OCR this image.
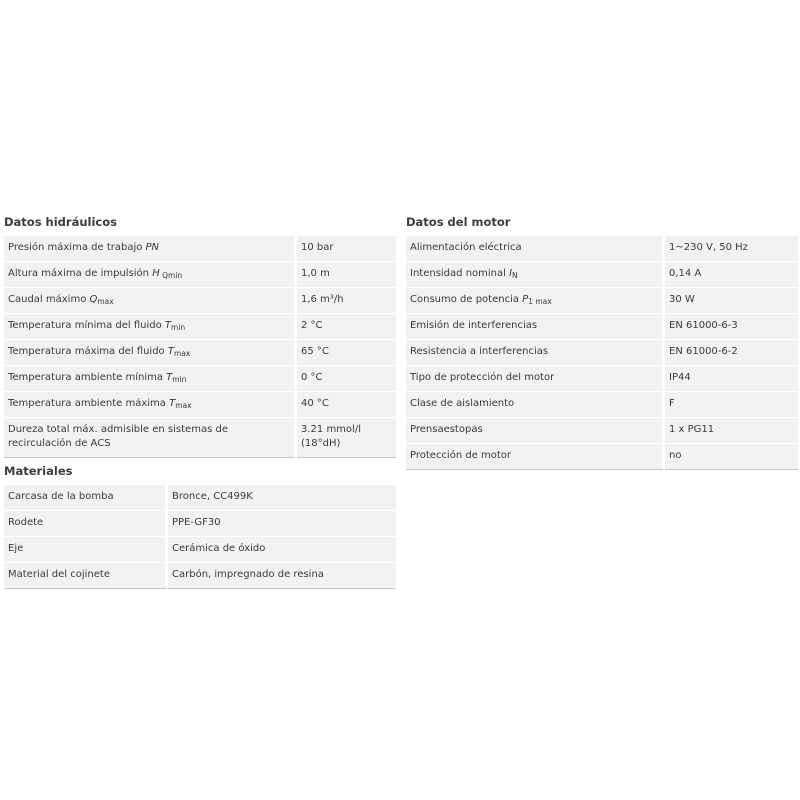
Datos hidráulicos
Presión máxima de trabajo PN	10 bar
Altura máxima de impulsión H $_{Qmin}$	1,0 m
Caudal máximo $Q_{max}$	1,6 m³/h
Temperatura mínima del fluido $T_{min}$	2 °C
Temperatura máxima del fluido $T_{max}$	65 °C
Temperatura ambiente mínima $T_{min}$	0 °C
Temperatura ambiente máxima $T_{max}$	40 °C
Dureza total máx. admisible en sistemas de recirculación de ACS	3.21 mmol/l (18°dH)
Materiales
Carcasa de la bomba	Bronce, CC499K
Rodete	PPE-GF30
Eje	Cerámica de óxido
Material del cojinete	Carbón, impregnado de resina
Datos del motor
Alimentación eléctrica	1~230 V, 50 Hz
Intensidad nominal $I_N$	0,14 A
Consumo de potencia $P_{1 max}$	30 W
Emisión de interferencias	EN 61000-6-3
Resistencia a interferencias	EN 61000-6-2
Tipo de protección del motor	IP44
Clase de aislamiento	F
Prensaestopas	1 x PG11
Protección de motor	no
